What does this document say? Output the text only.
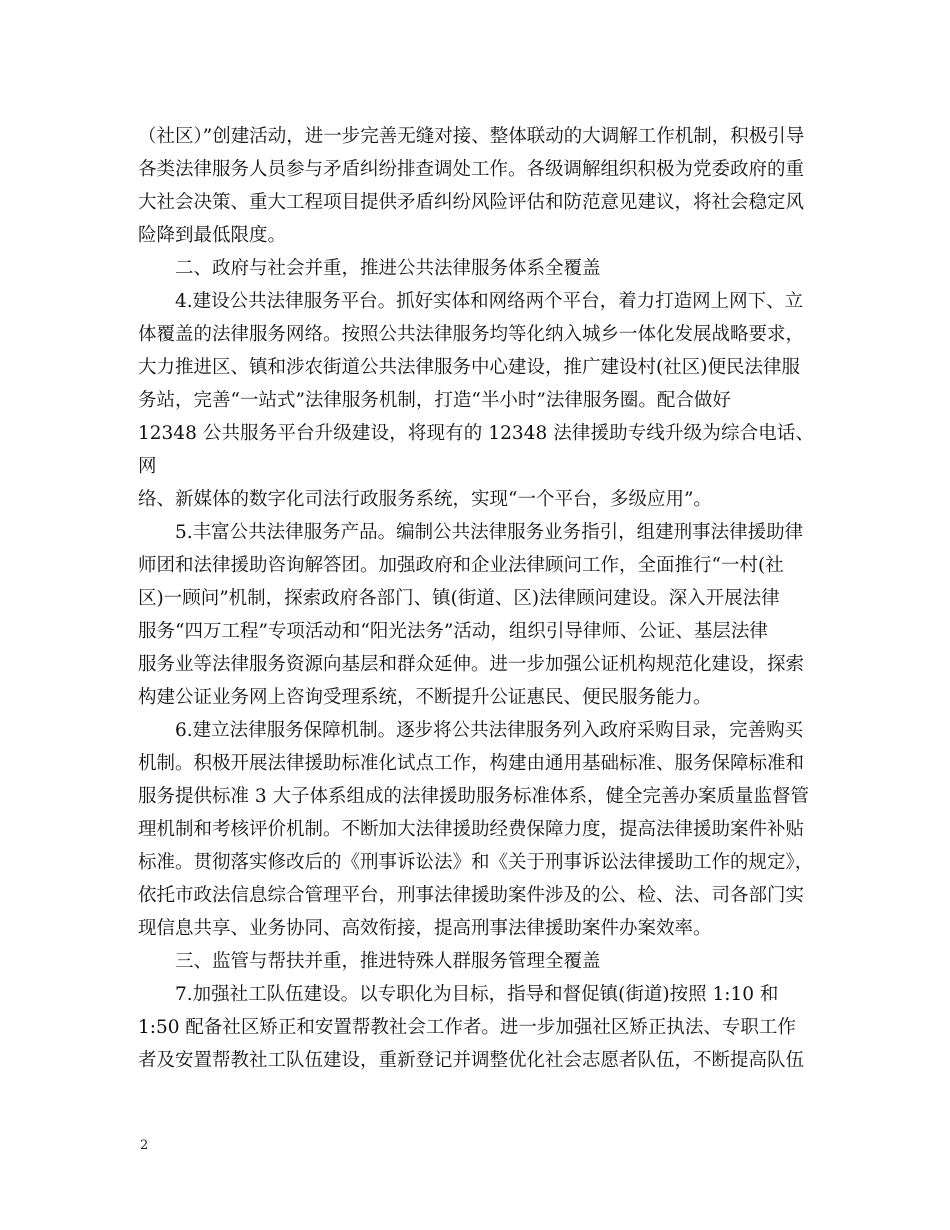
（社区）”创建活动，进一步完善无缝对接、整体联动的大调解工作机制，积极引导
各类法律服务人员参与矛盾纠纷排查调处工作。各级调解组织积极为党委政府的重
大社会决策、重大工程项目提供矛盾纠纷风险评估和防范意见建议，将社会稳定风
险降到最低限度。

　　二、政府与社会并重，推进公共法律服务体系全覆盖

　　4.建设公共法律服务平台。抓好实体和网络两个平台，着力打造网上网下、立
体覆盖的法律服务网络。按照公共法律服务均等化纳入城乡一体化发展战略要求，
大力推进区、镇和涉农街道公共法律服务中心建设，推广建设村(社区)便民法律服
务站，完善“一站式”法律服务机制，打造“半小时”法律服务圈。配合做好
12348 公共服务平台升级建设，将现有的 12348 法律援助专线升级为综合电话、网
络、新媒体的数字化司法行政服务系统，实现“一个平台，多级应用”。

　　5.丰富公共法律服务产品。编制公共法律服务业务指引，组建刑事法律援助律
师团和法律援助咨询解答团。加强政府和企业法律顾问工作，全面推行“一村(社
区)一顾问”机制，探索政府各部门、镇(街道、区)法律顾问建设。深入开展法律
服务“四万工程”专项活动和“阳光法务”活动，组织引导律师、公证、基层法律
服务业等法律服务资源向基层和群众延伸。进一步加强公证机构规范化建设，探索
构建公证业务网上咨询受理系统，不断提升公证惠民、便民服务能力。

　　6.建立法律服务保障机制。逐步将公共法律服务列入政府采购目录，完善购买
机制。积极开展法律援助标准化试点工作，构建由通用基础标准、服务保障标准和
服务提供标准 3 大子体系组成的法律援助服务标准体系，健全完善办案质量监督管
理机制和考核评价机制。不断加大法律援助经费保障力度，提高法律援助案件补贴
标准。贯彻落实修改后的《刑事诉讼法》和《关于刑事诉讼法律援助工作的规定》，
依托市政法信息综合管理平台，刑事法律援助案件涉及的公、检、法、司各部门实
现信息共享、业务协同、高效衔接，提高刑事法律援助案件办案效率。

　　三、监管与帮扶并重，推进特殊人群服务管理全覆盖

　　7.加强社工队伍建设。以专职化为目标，指导和督促镇(街道)按照 1:10 和
1:50 配备社区矫正和安置帮教社会工作者。进一步加强社区矫正执法、专职工作
者及安置帮教社工队伍建设，重新登记并调整优化社会志愿者队伍，不断提高队伍

2
